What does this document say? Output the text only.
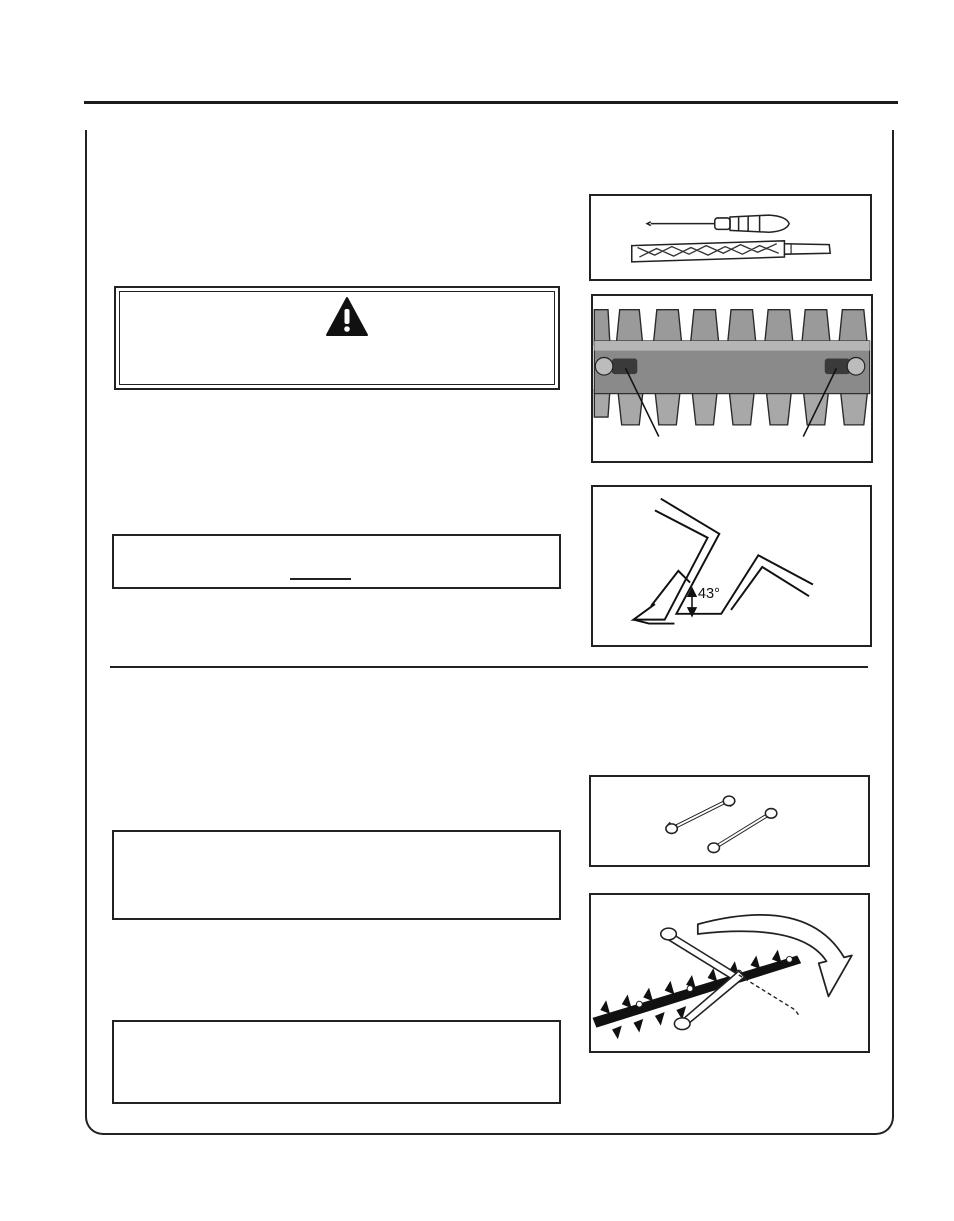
43°
